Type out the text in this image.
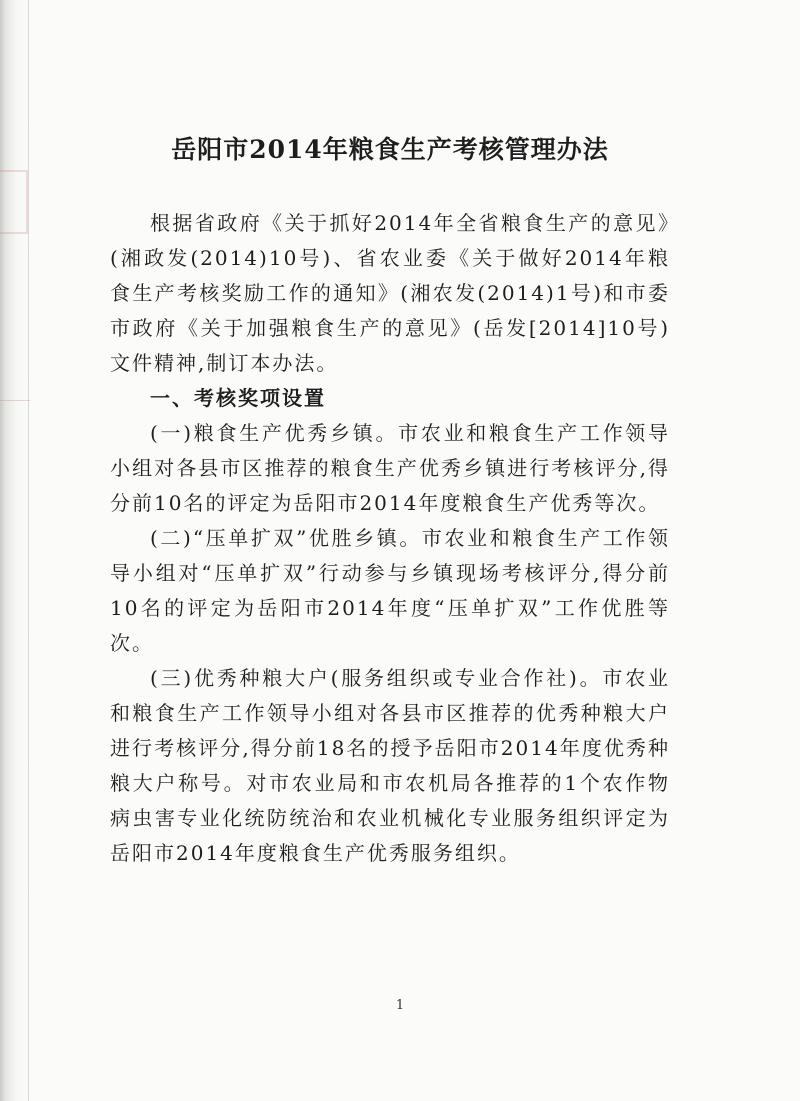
岳阳市2014年粮食生产考核管理办法

根据省政府《关于抓好2014年全省粮食生产的意见》(湘政发(2014)10号)、省农业委《关于做好2014年粮食生产考核奖励工作的通知》(湘农发(2014)1号)和市委市政府《关于加强粮食生产的意见》(岳发[2014]10号)文件精神,制订本办法。

一、考核奖项设置

(一)粮食生产优秀乡镇。市农业和粮食生产工作领导小组对各县市区推荐的粮食生产优秀乡镇进行考核评分,得分前10名的评定为岳阳市2014年度粮食生产优秀等次。

(二)“压单扩双”优胜乡镇。市农业和粮食生产工作领导小组对“压单扩双”行动参与乡镇现场考核评分,得分前10名的评定为岳阳市2014年度“压单扩双”工作优胜等次。

(三)优秀种粮大户(服务组织或专业合作社)。市农业和粮食生产工作领导小组对各县市区推荐的优秀种粮大户进行考核评分,得分前18名的授予岳阳市2014年度优秀种粮大户称号。对市农业局和市农机局各推荐的1个农作物病虫害专业化统防统治和农业机械化专业服务组织评定为岳阳市2014年度粮食生产优秀服务组织。

1
